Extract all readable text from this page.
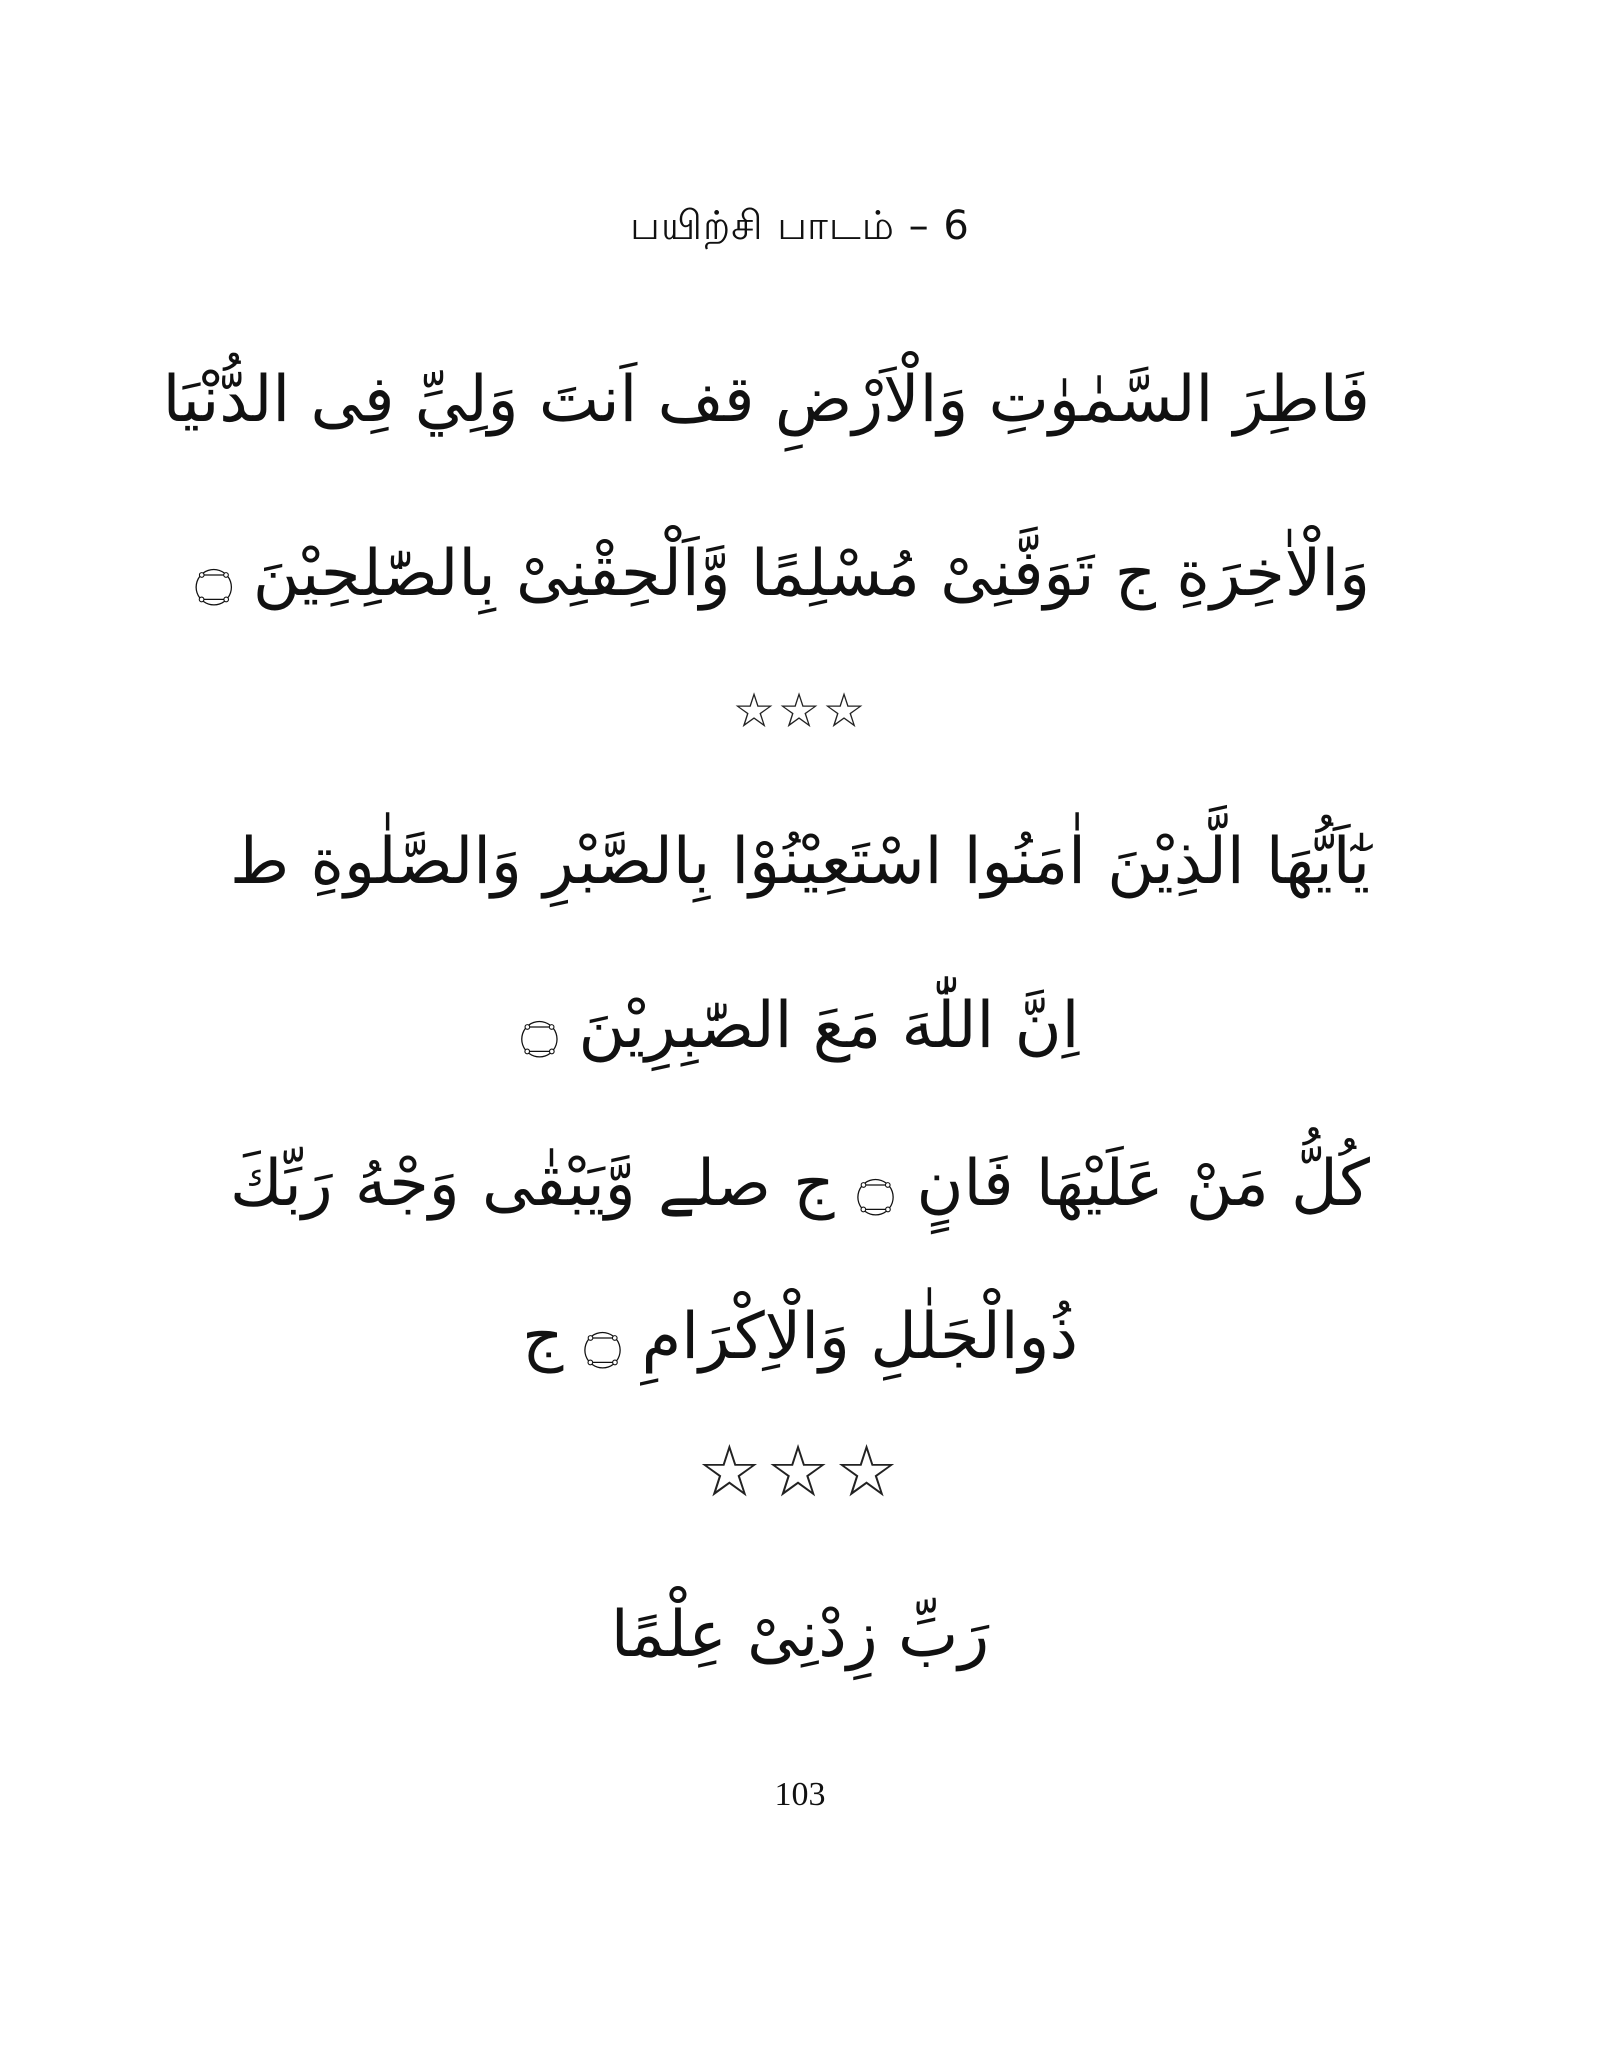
பயிற்சி பாடம் – 6
فَاطِرَ السَّمٰوٰتِ وَالْاَرْضِ قف اَنتَ وَلِيِّ فِى الدُّنْيَا
وَالْاٰخِرَةِ ج تَوَفَّنِىْ مُسْلِمًا وَّاَلْحِقْنِىْ بِالصّٰلِحِيْنَ ۝
☆☆☆
يٰٓاَيُّهَا الَّذِيْنَ اٰمَنُوا اسْتَعِيْنُوْا بِالصَّبْرِ وَالصَّلٰوةِ ط
اِنَّ اللّٰهَ مَعَ الصّٰبِرِيْنَ ۝
كُلُّ مَنْ عَلَيْهَا فَانٍ ۝ ج صلے وَّيَبْقٰى وَجْهُ رَبِّكَ
ذُوالْجَلٰلِ وَالْاِكْرَامِ ۝ ج
☆☆☆
رَبِّ زِدْنِىْ عِلْمًا
103
